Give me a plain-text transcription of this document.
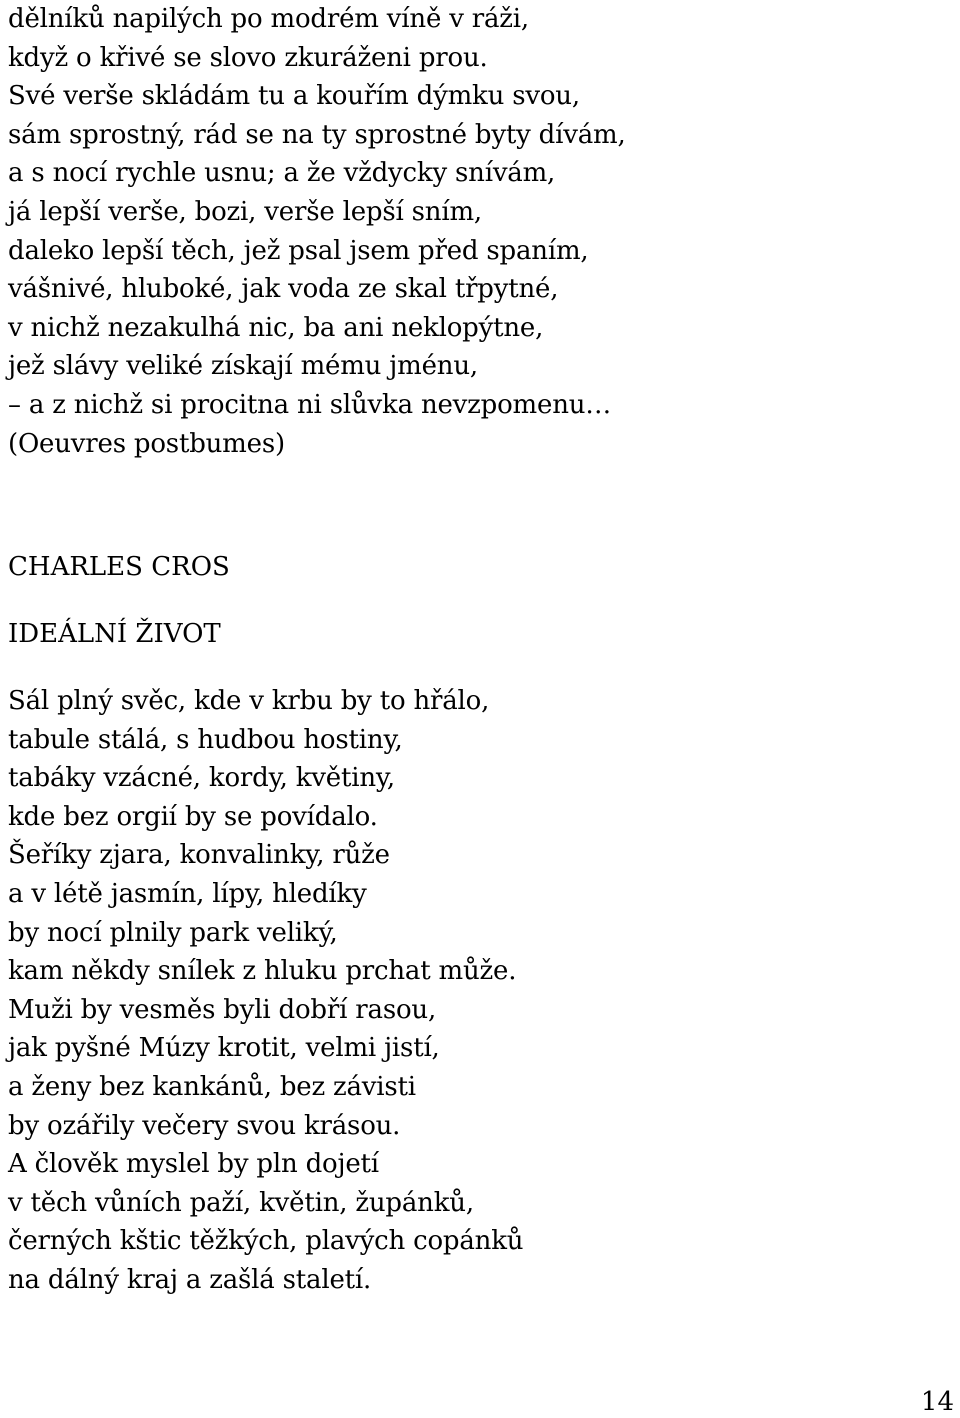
dělníků napilých po modrém víně v ráži,
když o křivé se slovo zkuráženi prou.
Své verše skládám tu a kouřím dýmku svou,
sám sprostný, rád se na ty sprostné byty dívám,
a s nocí rychle usnu; a že vždycky snívám,
já lepší verše, bozi, verše lepší sním,
daleko lepší těch, jež psal jsem před spaním,
vášnivé, hluboké, jak voda ze skal třpytné,
v nichž nezakulhá nic, ba ani neklopýtne,
jež slávy veliké získají mému jménu,
– a z nichž si procitna ni slůvka nevzpomenu…
(Oeuvres postbumes)
CHARLES CROS
IDEÁLNÍ ŽIVOT
Sál plný svěc, kde v krbu by to hřálo,
tabule stálá, s hudbou hostiny,
tabáky vzácné, kordy, květiny,
kde bez orgií by se povídalo.
Šeříky zjara, konvalinky, růže
a v létě jasmín, lípy, hledíky
by nocí plnily park veliký,
kam někdy snílek z hluku prchat může.
Muži by vesměs byli dobří rasou,
jak pyšné Múzy krotit, velmi jistí,
a ženy bez kankánů, bez závisti
by ozářily večery svou krásou.
A člověk myslel by pln dojetí
v těch vůních paží, květin, župánků,
černých kštic těžkých, plavých copánků
na dálný kraj a zašlá staletí.
14
